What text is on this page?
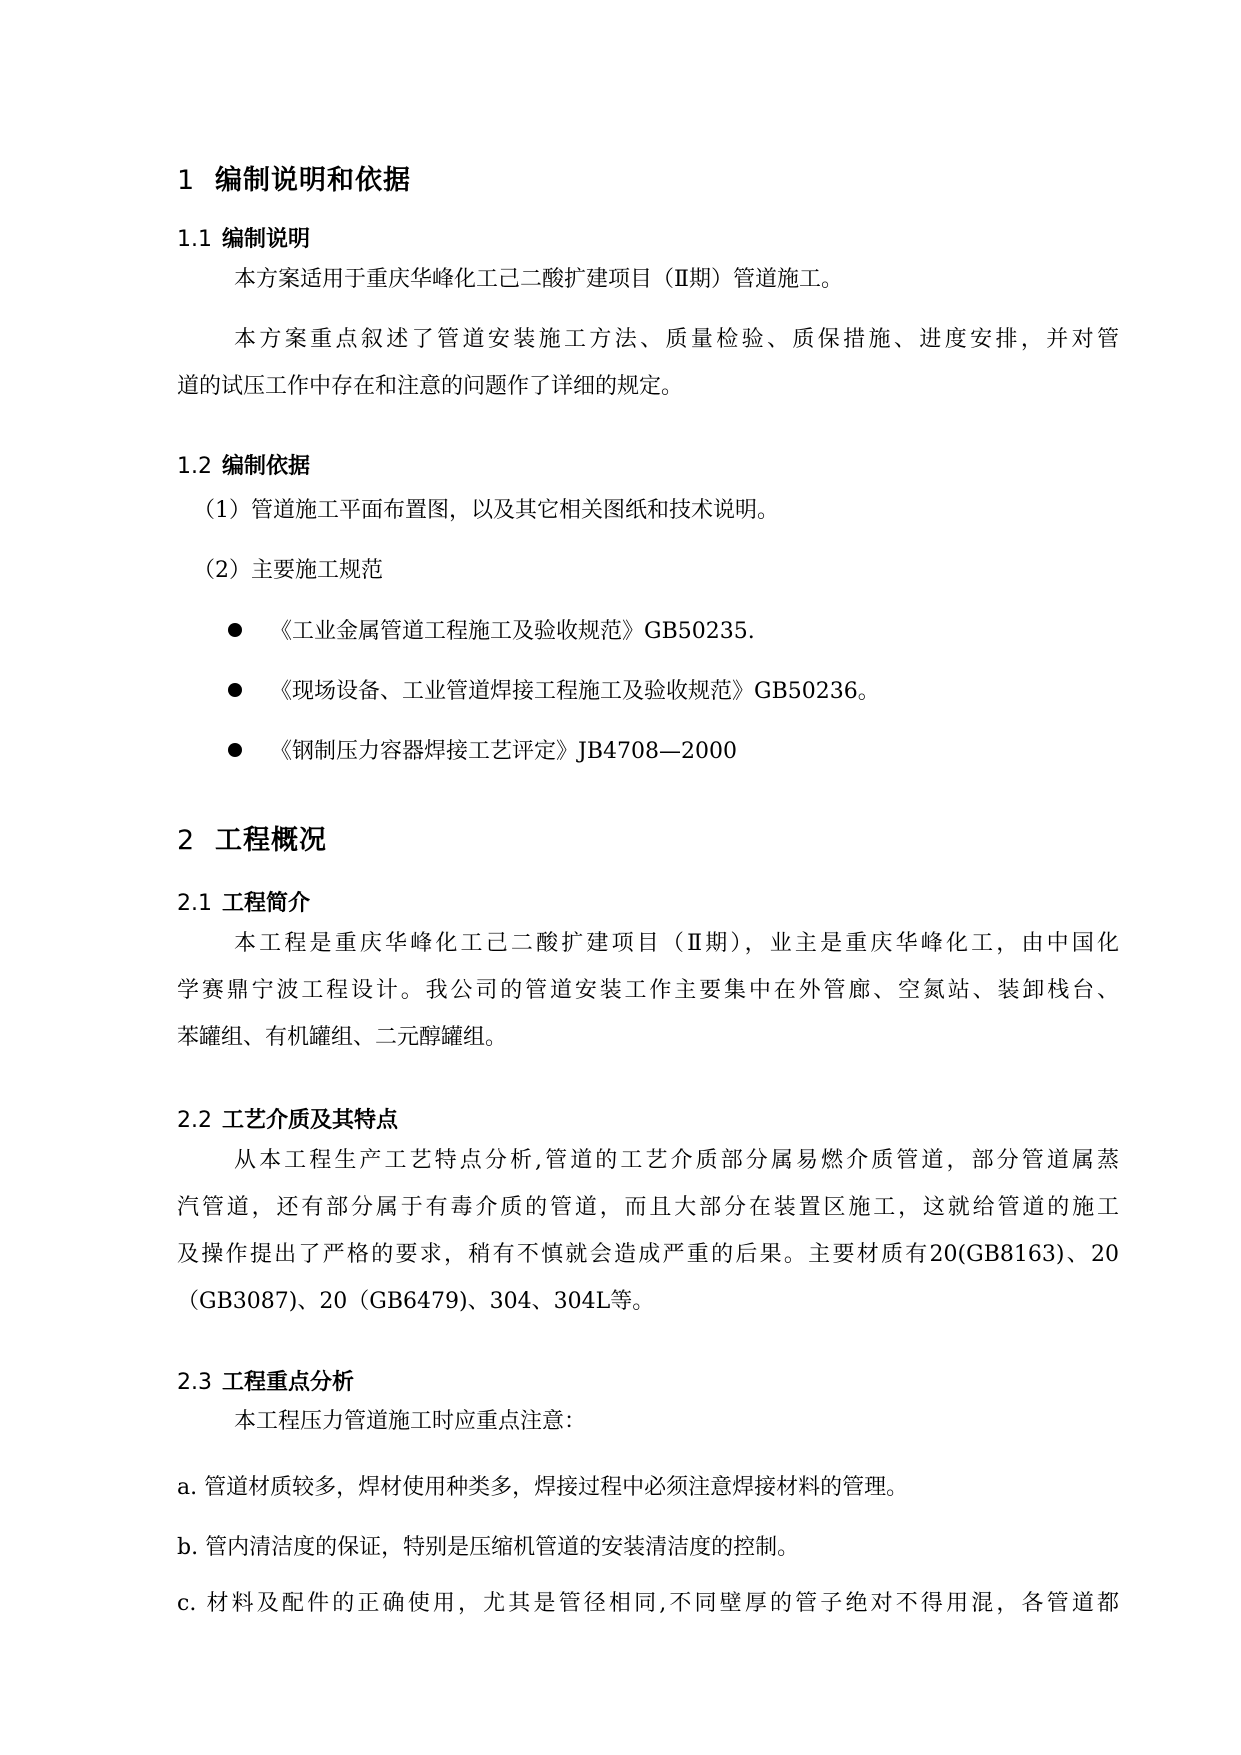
1 编制说明和依据
1.1 编制说明
本方案适用于重庆华峰化工己二酸扩建项目（Ⅱ期）管道施工。
本方案重点叙述了管道安装施工方法、质量检验、质保措施、进度安排，并对管
道的试压工作中存在和注意的问题作了详细的规定。
1.2 编制依据
（1）管道施工平面布置图，以及其它相关图纸和技术说明。
（2）主要施工规范
《工业金属管道工程施工及验收规范》GB50235.
《现场设备、工业管道焊接工程施工及验收规范》GB50236。
《钢制压力容器焊接工艺评定》JB4708—2000
2 工程概况
2.1 工程简介
本工程是重庆华峰化工己二酸扩建项目（Ⅱ期），业主是重庆华峰化工，由中国化
学赛鼎宁波工程设计。我公司的管道安装工作主要集中在外管廊、空氮站、装卸栈台、
苯罐组、有机罐组、二元醇罐组。
2.2 工艺介质及其特点
从本工程生产工艺特点分析,管道的工艺介质部分属易燃介质管道，部分管道属蒸
汽管道，还有部分属于有毒介质的管道，而且大部分在装置区施工，这就给管道的施工
及操作提出了严格的要求，稍有不慎就会造成严重的后果。主要材质有20(GB8163)、20
（GB3087)、20（GB6479)、304、304L等。
2.3 工程重点分析
本工程压力管道施工时应重点注意：
a. 管道材质较多，焊材使用种类多，焊接过程中必须注意焊接材料的管理。
b. 管内清洁度的保证，特别是压缩机管道的安装清洁度的控制。
c. 材料及配件的正确使用，尤其是管径相同,不同壁厚的管子绝对不得用混，各管道都
